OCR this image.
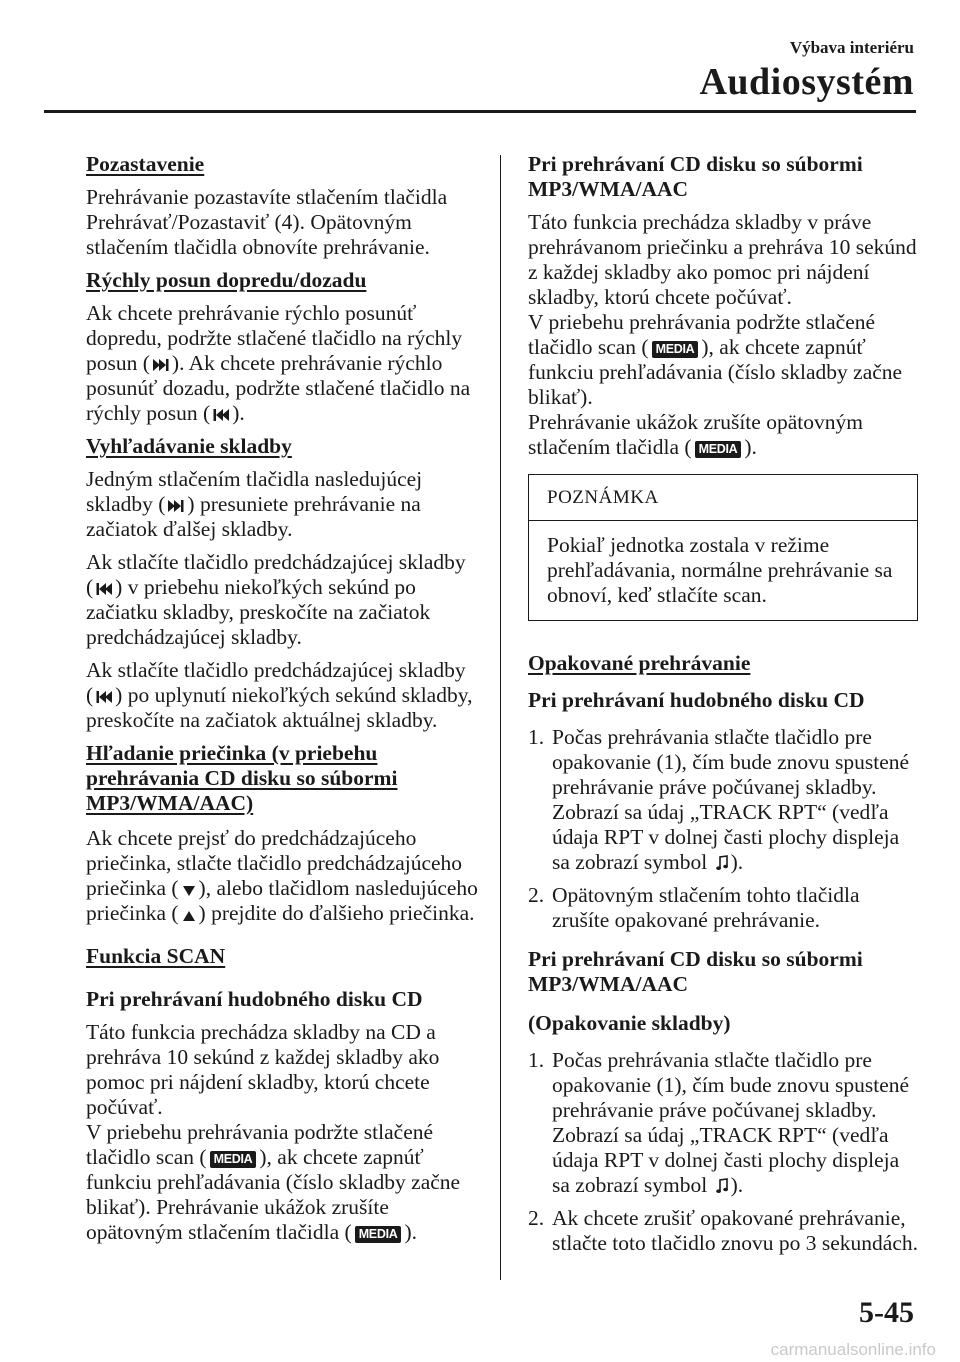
Výbava interiéru
Audiosystém
Pozastavenie
Prehrávanie pozastavíte stlačením tlačidla Prehrávať/Pozastaviť (4). Opätovným stlačením tlačidla obnovíte prehrávanie.
Rýchly posun dopredu/dozadu
Ak chcete prehrávanie rýchlo posunúť dopredu, podržte stlačené tlačidlo na rýchly posun ( ). Ak chcete prehrávanie rýchlo posunúť dozadu, podržte stlačené tlačidlo na rýchly posun ( ).
Vyhľadávanie skladby
Jedným stlačením tlačidla nasledujúcej skladby ( ) presuniete prehrávanie na začiatok ďalšej skladby.
Ak stlačíte tlačidlo predchádzajúcej skladby ( ) v priebehu niekoľkých sekúnd po začiatku skladby, preskočíte na začiatok predchádzajúcej skladby.
Ak stlačíte tlačidlo predchádzajúcej skladby ( ) po uplynutí niekoľkých sekúnd skladby, preskočíte na začiatok aktuálnej skladby.
Hľadanie priečinka (v priebehu
prehrávania CD disku so súbormi
MP3/WMA/AAC)
Ak chcete prejsť do predchádzajúceho priečinka, stlačte tlačidlo predchádzajúceho priečinka ( ), alebo tlačidlom nasledujúceho priečinka ( ) prejdite do ďalšieho priečinka.
Funkcia SCAN
Pri prehrávaní hudobného disku CD
Táto funkcia prechádza skladby na CD a prehráva 10 sekúnd z každej skladby ako pomoc pri nájdení skladby, ktorú chcete počúvať.
V priebehu prehrávania podržte stlačené tlačidlo scan ( MEDIA ), ak chcete zapnúť funkciu prehľadávania (číslo skladby začne blikať). Prehrávanie ukážok zrušíte opätovným stlačením tlačidla ( MEDIA ).
Pri prehrávaní CD disku so súbormi MP3/WMA/AAC
Táto funkcia prechádza skladby v práve prehrávanom priečinku a prehráva 10 sekúnd z každej skladby ako pomoc pri nájdení skladby, ktorú chcete počúvať.
V priebehu prehrávania podržte stlačené tlačidlo scan ( MEDIA ), ak chcete zapnúť funkciu prehľadávania (číslo skladby začne blikať).
Prehrávanie ukážok zrušíte opätovným stlačením tlačidla ( MEDIA ).
POZNÁMKA
Pokiaľ jednotka zostala v režime prehľadávania, normálne prehrávanie sa obnoví, keď stlačíte scan.
Opakované prehrávanie
Pri prehrávaní hudobného disku CD
1. Počas prehrávania stlačte tlačidlo pre opakovanie (1), čím bude znovu spustené prehrávanie práve počúvanej skladby. Zobrazí sa údaj „TRACK RPT“ (vedľa údaja RPT v dolnej časti plochy displeja sa zobrazí symbol ).
2. Opätovným stlačením tohto tlačidla zrušíte opakované prehrávanie.
Pri prehrávaní CD disku so súbormi MP3/WMA/AAC
(Opakovanie skladby)
1. Počas prehrávania stlačte tlačidlo pre opakovanie (1), čím bude znovu spustené prehrávanie práve počúvanej skladby. Zobrazí sa údaj „TRACK RPT“ (vedľa údaja RPT v dolnej časti plochy displeja sa zobrazí symbol ).
2. Ak chcete zrušiť opakované prehrávanie, stlačte toto tlačidlo znovu po 3 sekundách.
5-45
carmanualsonline.info
